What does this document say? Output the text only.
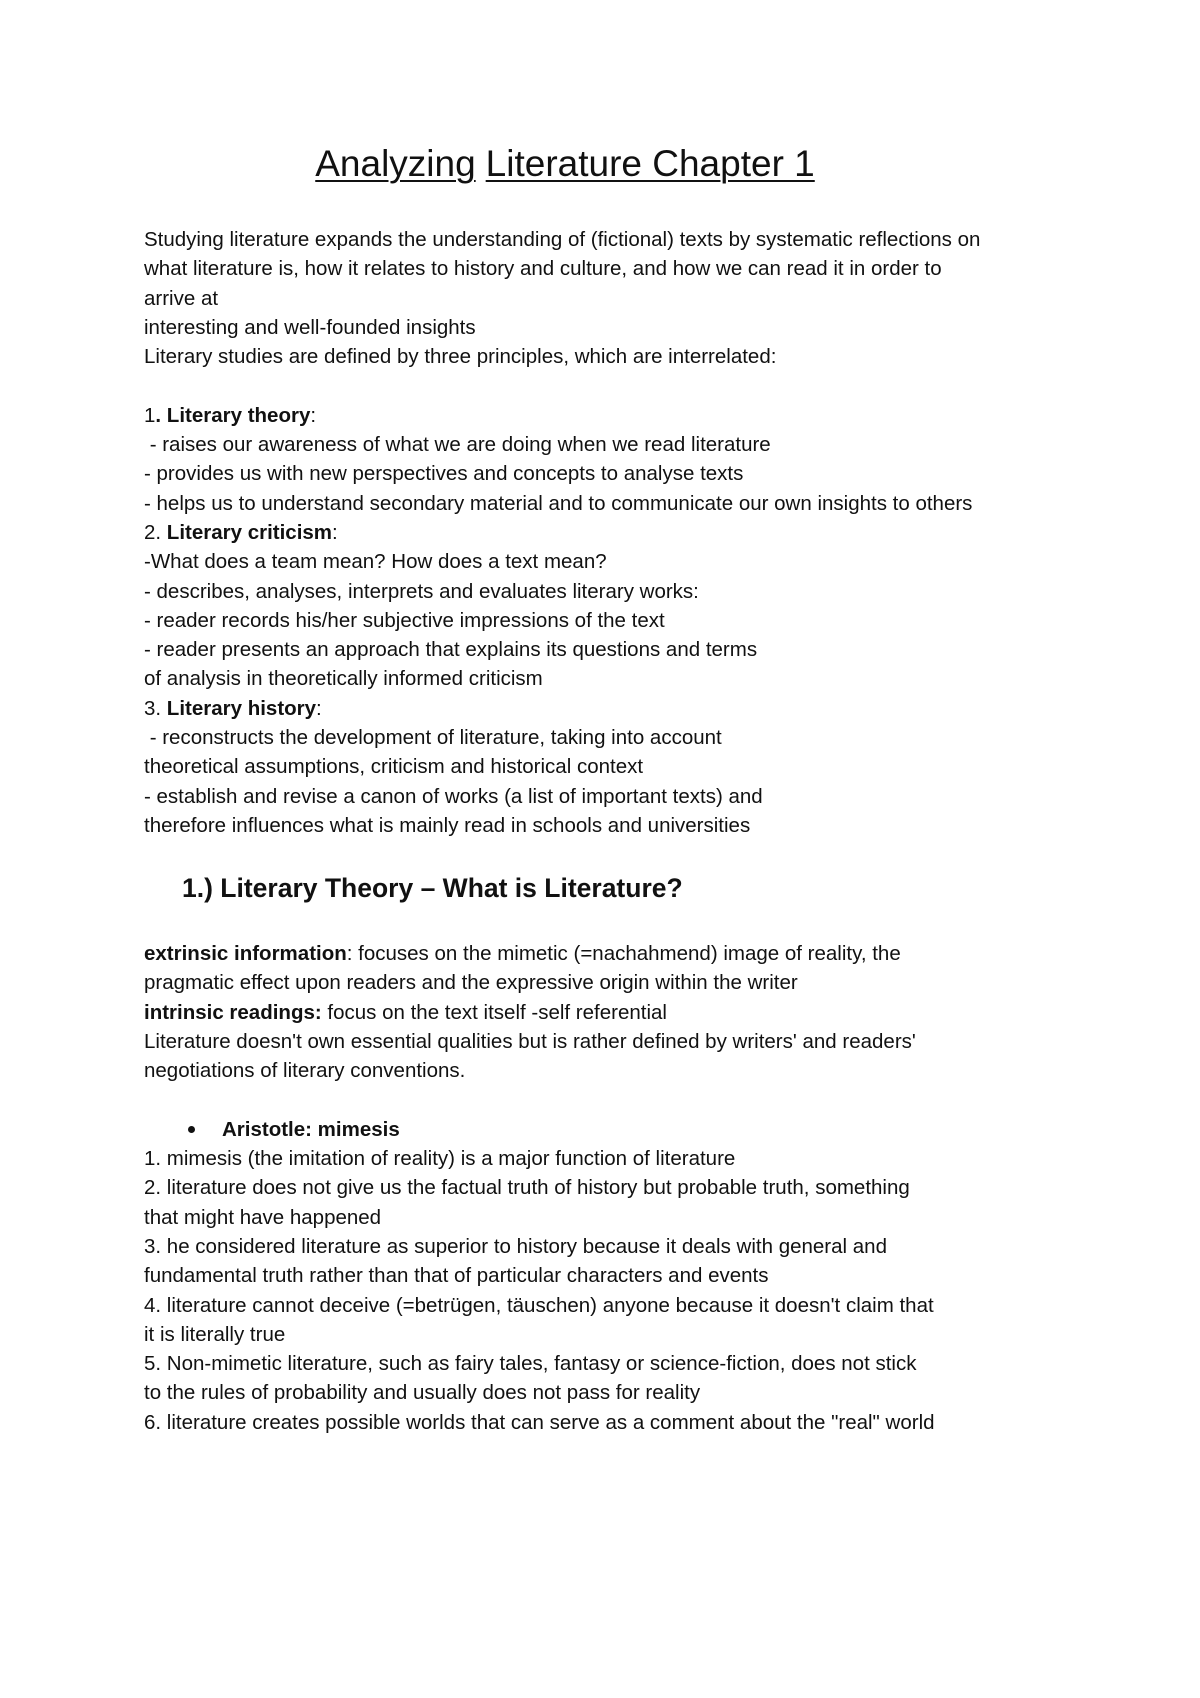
Analyzing Literature Chapter 1
Studying literature expands the understanding of (fictional) texts by systematic reflections on
what literature is, how it relates to history and culture, and how we can read it in order to
arrive at
interesting and well-founded insights
Literary studies are defined by three principles, which are interrelated:
1. Literary theory:
- raises our awareness of what we are doing when we read literature
- provides us with new perspectives and concepts to analyse texts
- helps us to understand secondary material and to communicate our own insights to others
2. Literary criticism:
-What does a team mean? How does a text mean?
- describes, analyses, interprets and evaluates literary works:
- reader records his/her subjective impressions of the text
- reader presents an approach that explains its questions and terms
of analysis in theoretically informed criticism
3. Literary history:
- reconstructs the development of literature, taking into account
theoretical assumptions, criticism and historical context
- establish and revise a canon of works (a list of important texts) and
therefore influences what is mainly read in schools and universities
1.) Literary Theory – What is Literature?
extrinsic information: focuses on the mimetic (=nachahmend) image of reality, the
pragmatic effect upon readers and the expressive origin within the writer
intrinsic readings: focus on the text itself -self referential
Literature doesn't own essential qualities but is rather defined by writers' and readers'
negotiations of literary conventions.
Aristotle: mimesis
1. mimesis (the imitation of reality) is a major function of literature
2. literature does not give us the factual truth of history but probable truth, something
that might have happened
3. he considered literature as superior to history because it deals with general and
fundamental truth rather than that of particular characters and events
4. literature cannot deceive (=betrügen, täuschen) anyone because it doesn't claim that
it is literally true
5. Non-mimetic literature, such as fairy tales, fantasy or science-fiction, does not stick
to the rules of probability and usually does not pass for reality
6. literature creates possible worlds that can serve as a comment about the "real" world
